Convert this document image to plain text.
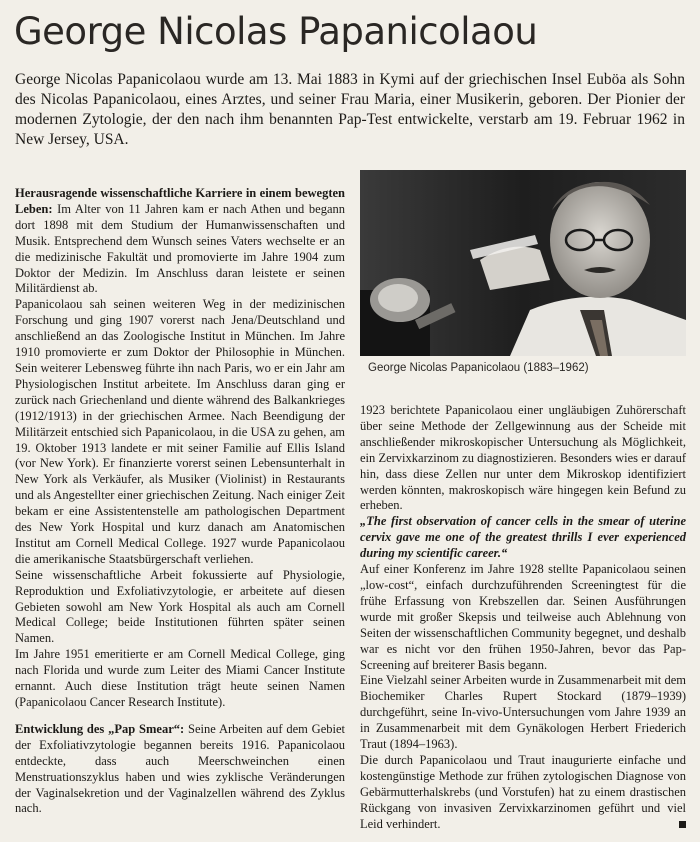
George Nicolas Papanicolaou

George Nicolas Papanicolaou wurde am 13. Mai 1883 in Kymi auf der griechischen Insel Euböa als Sohn des Nicolas Papanicolaou, eines Arztes, und seiner Frau Maria, einer Musikerin, geboren. Der Pionier der modernen Zytologie, der den nach ihm benannten Pap-Test entwickelte, verstarb am 19. Februar 1962 in New Jersey, USA.

Herausragende wissenschaftliche Karriere in einem bewegten Leben: Im Alter von 11 Jahren kam er nach Athen und begann dort 1898 mit dem Studium der Humanwissenschaften und Musik. Entsprechend dem Wunsch seines Vaters wechselte er an die medizinische Fakultät und promovierte im Jahre 1904 zum Doktor der Medizin. Im Anschluss daran leistete er seinen Militärdienst ab.

Papanicolaou sah seinen weiteren Weg in der medizinischen Forschung und ging 1907 vorerst nach Jena/Deutschland und anschließend an das Zoologische Institut in München. Im Jahre 1910 promovierte er zum Doktor der Philosophie in München. Sein weiterer Lebensweg führte ihn nach Paris, wo er ein Jahr am Physiologischen Institut arbeitete. Im Anschluss daran ging er zurück nach Griechenland und diente während des Balkankrieges (1912/1913) in der griechischen Armee. Nach Beendigung der Militärzeit entschied sich Papanicolaou, in die USA zu gehen, am 19. Oktober 1913 landete er mit seiner Familie auf Ellis Island (vor New York). Er finanzierte vorerst seinen Lebensunterhalt in New York als Verkäufer, als Musiker (Violinist) in Restaurants und als Angestellter einer griechischen Zeitung. Nach einiger Zeit bekam er eine Assistentenstelle am pathologischen Department des New York Hospital und kurz danach am Anatomischen Institut am Cornell Medical College. 1927 wurde Papanicolaou die amerikanische Staatsbürgerschaft verliehen.

Seine wissenschaftliche Arbeit fokussierte auf Physiologie, Reproduktion und Exfoliativzytologie, er arbeitete auf diesen Gebieten sowohl am New York Hospital als auch am Cornell Medical College; beide Institutionen führten später seinen Namen.

Im Jahre 1951 emeritierte er am Cornell Medical College, ging nach Florida und wurde zum Leiter des Miami Cancer Institute ernannt. Auch diese Institution trägt heute seinen Namen (Papanicolaou Cancer Research Institute).

Entwicklung des „Pap Smear“: Seine Arbeiten auf dem Gebiet der Exfoliativzytologie begannen bereits 1916. Papanicolaou entdeckte, dass auch Meerschweinchen einen Menstruationszyklus haben und wies zyklische Veränderungen der Vaginalsekretion und der Vaginalzellen während des Zyklus nach.

George Nicolas Papanicolaou (1883–1962)

1923 berichtete Papanicolaou einer ungläubigen Zuhörerschaft über seine Methode der Zellgewinnung aus der Scheide mit anschließender mikroskopischer Untersuchung als Möglichkeit, ein Zervixkarzinom zu diagnostizieren. Besonders wies er darauf hin, dass diese Zellen nur unter dem Mikroskop identifiziert werden könnten, makroskopisch wäre hingegen kein Befund zu erheben.

„The first observation of cancer cells in the smear of uterine cervix gave me one of the greatest thrills I ever experienced during my scientific career.“

Auf einer Konferenz im Jahre 1928 stellte Papanicolaou seinen „low-cost“, einfach durchzuführenden Screeningtest für die frühe Erfassung von Krebszellen dar. Seinen Ausführungen wurde mit großer Skepsis und teilweise auch Ablehnung von Seiten der wissenschaftlichen Community begegnet, und deshalb war es nicht vor den frühen 1950-Jahren, bevor das Pap-Screening auf breiterer Basis begann.

Eine Vielzahl seiner Arbeiten wurde in Zusammenarbeit mit dem Biochemiker Charles Rupert Stockard (1879–1939) durchgeführt, seine In-vivo-Untersuchungen vom Jahre 1939 an in Zusammenarbeit mit dem Gynäkologen Herbert Friederich Traut (1894–1963).

Die durch Papanicolaou und Traut inaugurierte einfache und kostengünstige Methode zur frühen zytologischen Diagnose von Gebärmutterhalskrebs (und Vorstufen) hat zu einem drastischen Rückgang von invasiven Zervixkarzinomen geführt und viel Leid verhindert.
